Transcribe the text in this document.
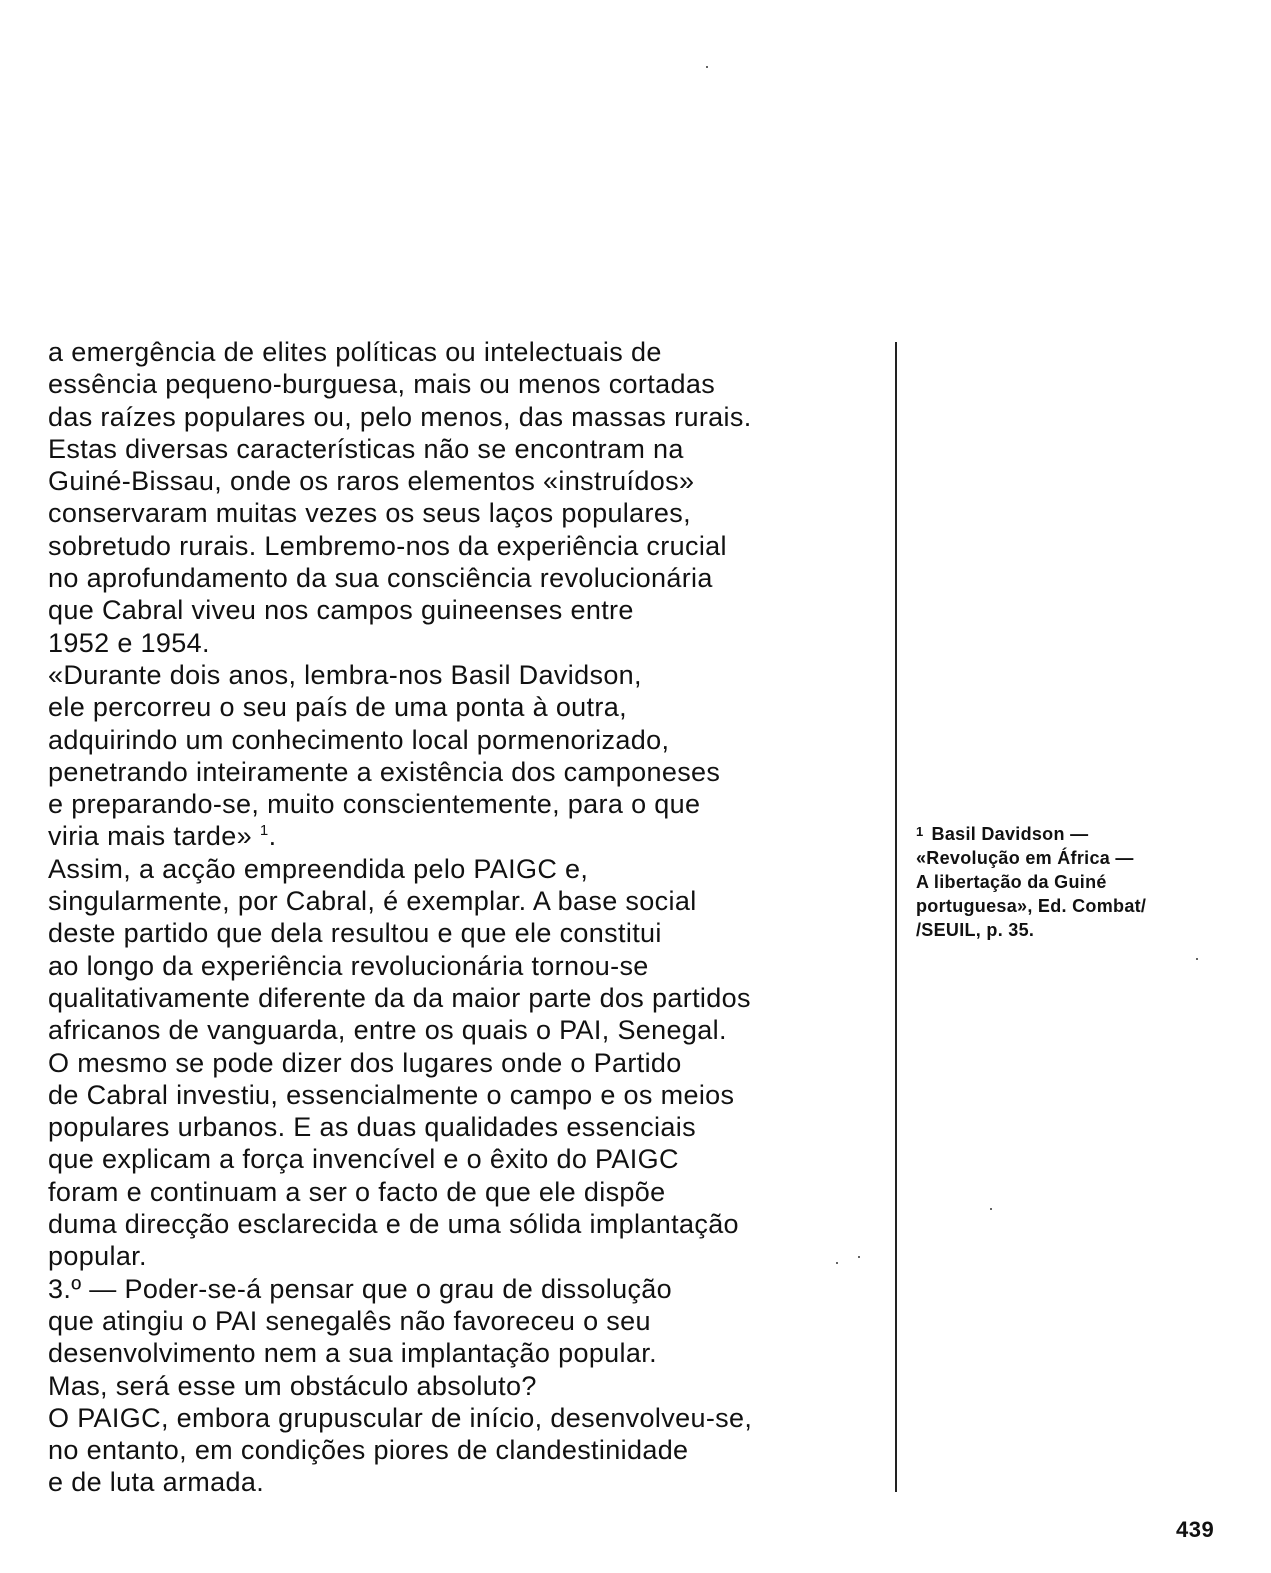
a emergência de elites políticas ou intelectuais de
essência pequeno-burguesa, mais ou menos cortadas
das raízes populares ou, pelo menos, das massas rurais.
Estas diversas características não se encontram na
Guiné-Bissau, onde os raros elementos «instruídos»
conservaram muitas vezes os seus laços populares,
sobretudo rurais. Lembremo-nos da experiência crucial
no aprofundamento da sua consciência revolucionária
que Cabral viveu nos campos guineenses entre
1952 e 1954.
«Durante dois anos, lembra-nos Basil Davidson,
ele percorreu o seu país de uma ponta à outra,
adquirindo um conhecimento local pormenorizado,
penetrando inteiramente a existência dos camponeses
e preparando-se, muito conscientemente, para o que
viria mais tarde» $^1$.
Assim, a acção empreendida pelo PAIGC e,
singularmente, por Cabral, é exemplar. A base social
deste partido que dela resultou e que ele constitui
ao longo da experiência revolucionária tornou-se
qualitativamente diferente da da maior parte dos partidos
africanos de vanguarda, entre os quais o PAI, Senegal.
O mesmo se pode dizer dos lugares onde o Partido
de Cabral investiu, essencialmente o campo e os meios
populares urbanos. E as duas qualidades essenciais
que explicam a força invencível e o êxito do PAIGC
foram e continuam a ser o facto de que ele dispõe
duma direcção esclarecida e de uma sólida implantação
popular.
3.º — Poder-se-á pensar que o grau de dissolução
que atingiu o PAI senegalês não favoreceu o seu
desenvolvimento nem a sua implantação popular.
Mas, será esse um obstáculo absoluto?
O PAIGC, embora grupuscular de início, desenvolveu-se,
no entanto, em condições piores de clandestinidade
e de luta armada.
$^1$ Basil Davidson —
«Revolução em África —
A libertação da Guiné
portuguesa», Ed. Combat/
/SEUIL, p. 35.
439
